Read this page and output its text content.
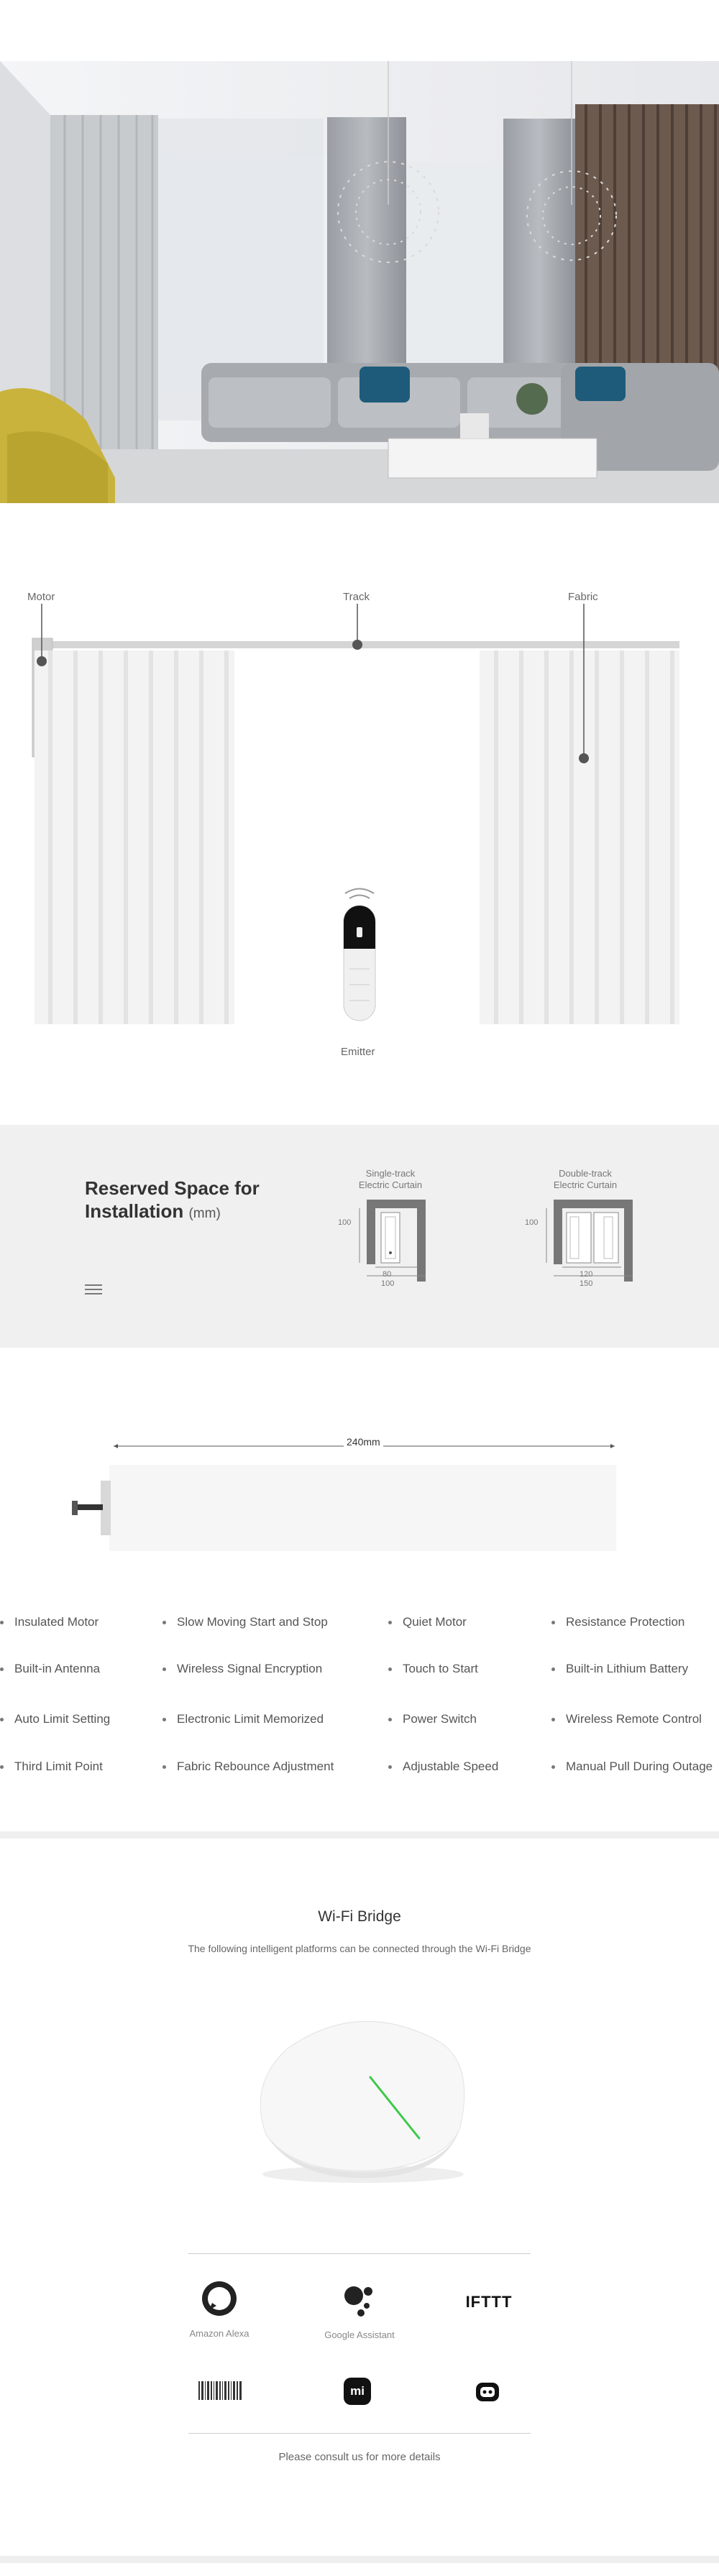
Motor	Track	Fabric
Emitter
Reserved Space for
Installation (mm)
Single-track
Electric Curtain
100
80
100
Double-track
Electric Curtain
100
120
150
240mm
Insulated Motor	Slow Moving Start and Stop	Quiet Motor	Resistance Protection
Built-in Antenna	Wireless Signal Encryption	Touch to Start	Built-in Lithium Battery
Auto Limit Setting	Electronic Limit Memorized	Power Switch	Wireless Remote Control
Third Limit Point	Fabric Rebounce Adjustment	Adjustable Speed	Manual Pull During Outage
Wi-Fi Bridge
The following intelligent platforms can be connected through the Wi-Fi Bridge
Amazon Alexa	Google Assistant
IFTTT
mi
Please consult us for more details
